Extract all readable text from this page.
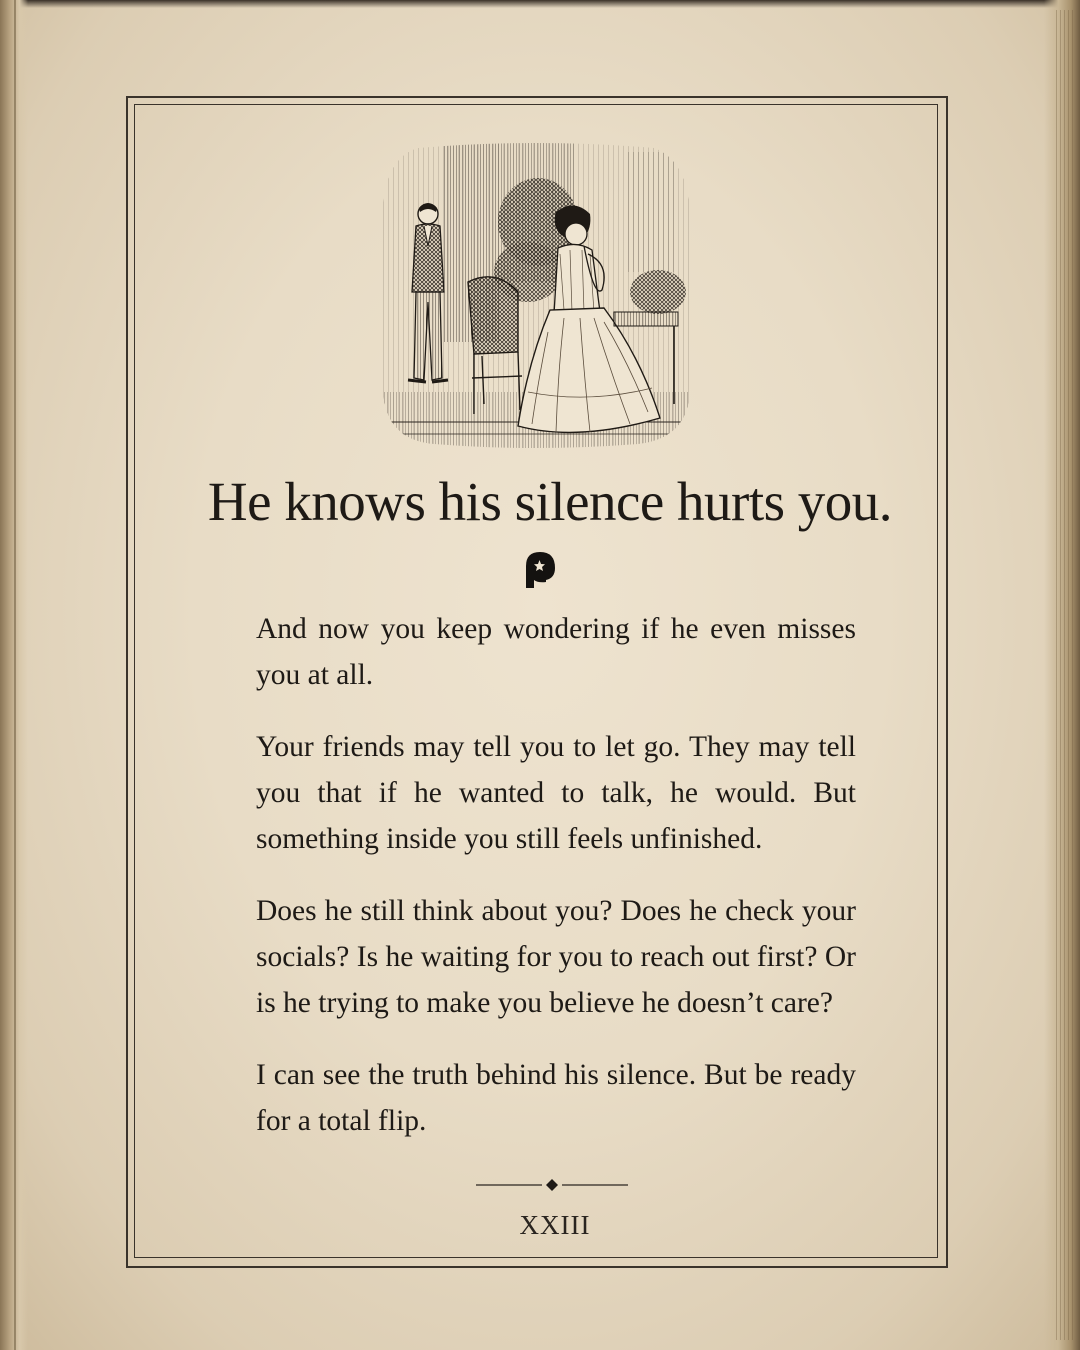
He knows his silence hurts you.

And now you keep wondering if he even misses you at all.

Your friends may tell you to let go. They may tell you that if he wanted to talk, he would. But something inside you still feels unfinished.

Does he still think about you? Does he check your socials? Is he waiting for you to reach out first? Or is he trying to make you believe he doesn’t care?

I can see the truth behind his silence. But be ready for a total flip.

XXIII
